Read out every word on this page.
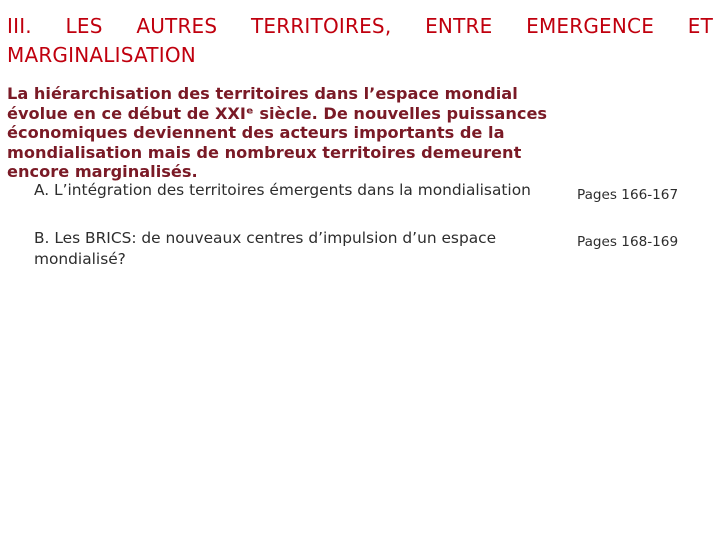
III. LES AUTRES TERRITOIRES, ENTRE EMERGENCE ET MARGINALISATION

La hiérarchisation des territoires dans l’espace mondial évolue en ce début de XXIᵉ siècle. De nouvelles puissances économiques deviennent des acteurs importants de la mondialisation mais de nombreux territoires demeurent encore marginalisés.

A. L’intégration des territoires émergents dans la mondialisation	Pages 166-167
B. Les BRICS: de nouveaux centres d’impulsion d’un espace mondialisé?
Pages 168-169
